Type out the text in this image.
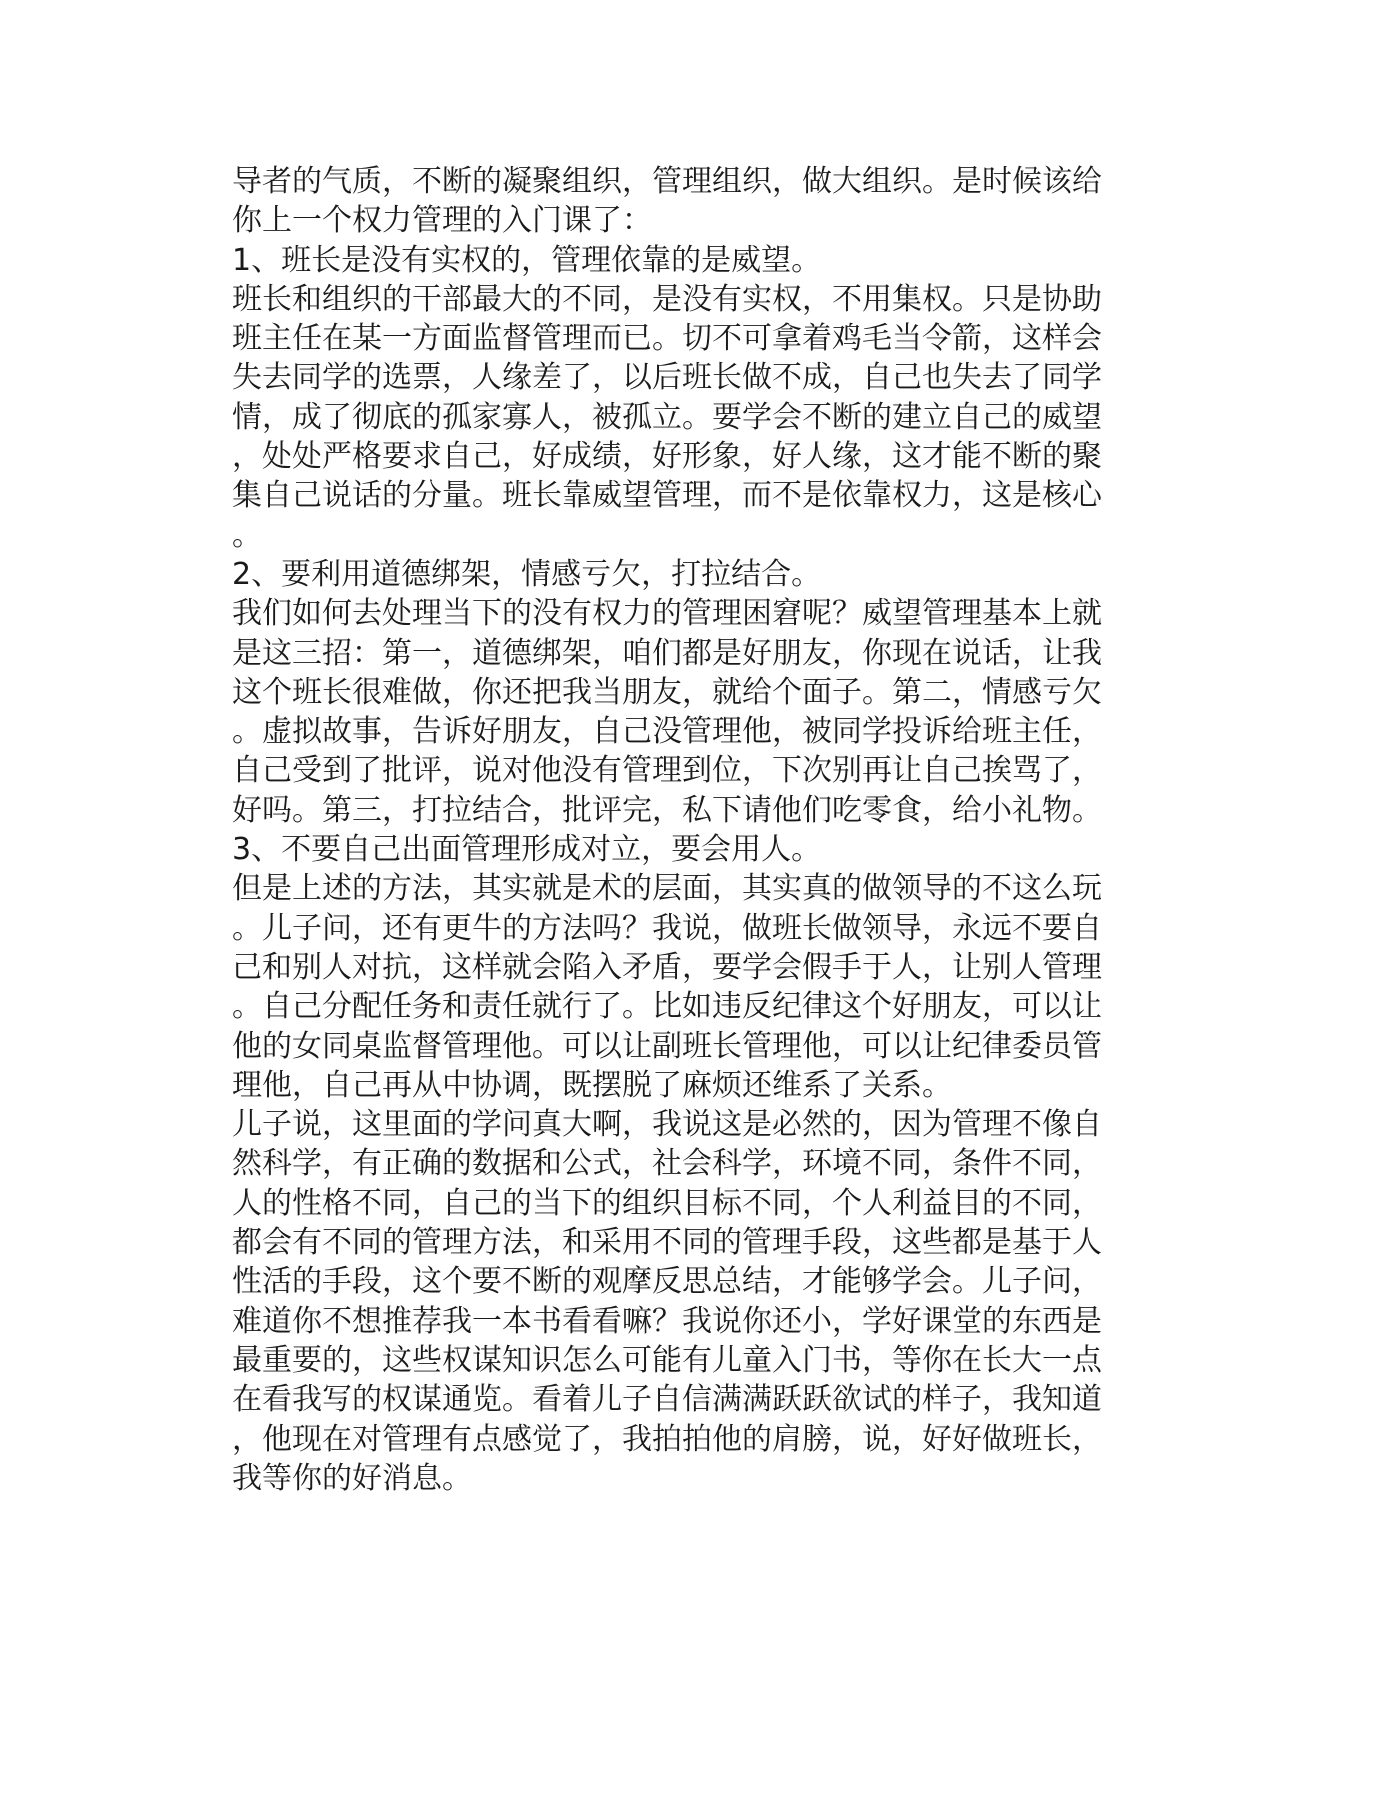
导者的气质，不断的凝聚组织，管理组织，做大组织。是时候该给
你上一个权力管理的入门课了：
1、班长是没有实权的，管理依靠的是威望。
班长和组织的干部最大的不同，是没有实权，不用集权。只是协助
班主任在某一方面监督管理而已。切不可拿着鸡毛当令箭，这样会
失去同学的选票，人缘差了，以后班长做不成，自己也失去了同学
情，成了彻底的孤家寡人，被孤立。要学会不断的建立自己的威望
，处处严格要求自己，好成绩，好形象，好人缘，这才能不断的聚
集自己说话的分量。班长靠威望管理，而不是依靠权力，这是核心
。
2、要利用道德绑架，情感亏欠，打拉结合。
我们如何去处理当下的没有权力的管理困窘呢？威望管理基本上就
是这三招：第一，道德绑架，咱们都是好朋友，你现在说话，让我
这个班长很难做，你还把我当朋友，就给个面子。第二，情感亏欠
。虚拟故事，告诉好朋友，自己没管理他，被同学投诉给班主任，
自己受到了批评，说对他没有管理到位，下次别再让自己挨骂了，
好吗。第三，打拉结合，批评完，私下请他们吃零食，给小礼物。
3、不要自己出面管理形成对立，要会用人。
但是上述的方法，其实就是术的层面，其实真的做领导的不这么玩
。儿子问，还有更牛的方法吗？我说，做班长做领导，永远不要自
己和别人对抗，这样就会陷入矛盾，要学会假手于人，让别人管理
。自己分配任务和责任就行了。比如违反纪律这个好朋友，可以让
他的女同桌监督管理他。可以让副班长管理他，可以让纪律委员管
理他，自己再从中协调，既摆脱了麻烦还维系了关系。
儿子说，这里面的学问真大啊，我说这是必然的，因为管理不像自
然科学，有正确的数据和公式，社会科学，环境不同，条件不同，
人的性格不同，自己的当下的组织目标不同，个人利益目的不同，
都会有不同的管理方法，和采用不同的管理手段，这些都是基于人
性活的手段，这个要不断的观摩反思总结，才能够学会。儿子问，
难道你不想推荐我一本书看看嘛？我说你还小，学好课堂的东西是
最重要的，这些权谋知识怎么可能有儿童入门书，等你在长大一点
在看我写的权谋通览。看着儿子自信满满跃跃欲试的样子，我知道
，他现在对管理有点感觉了，我拍拍他的肩膀，说，好好做班长，
我等你的好消息。
